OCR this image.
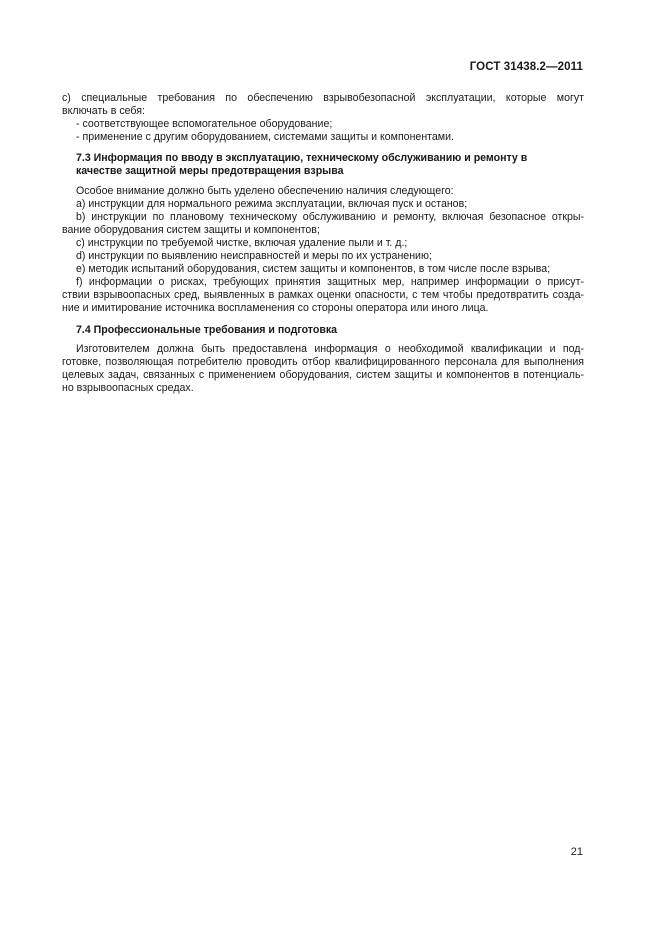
ГОСТ 31438.2—2011
c) специальные требования по обеспечению взрывобезопасной эксплуатации, которые могут
включать в себя:
- соответствующее вспомогательное оборудование;
- применение с другим оборудованием, системами защиты и компонентами.
7.3 Информация по вводу в эксплуатацию, техническому обслуживанию и ремонту в
качестве защитной меры предотвращения взрыва
Особое внимание должно быть уделено обеспечению наличия следующего:
a) инструкции для нормального режима эксплуатации, включая пуск и останов;
b) инструкции по плановому техническому обслуживанию и ремонту, включая безопасное откры-
вание оборудования систем защиты и компонентов;
c) инструкции по требуемой чистке, включая удаление пыли и т. д.;
d) инструкции по выявлению неисправностей и меры по их устранению;
e) методик испытаний оборудования, систем защиты и компонентов, в том числе после взрыва;
f) информации о рисках, требующих принятия защитных мер, например информации о присут-
ствии взрывоопасных сред, выявленных в рамках оценки опасности, с тем чтобы предотвратить созда-
ние и имитирование источника воспламенения со стороны оператора или иного лица.
7.4 Профессиональные требования и подготовка
Изготовителем должна быть предоставлена информация о необходимой квалификации и под-
готовке, позволяющая потребителю проводить отбор квалифицированного персонала для выполнения
целевых задач, связанных с применением оборудования, систем защиты и компонентов в потенциаль-
но взрывоопасных средах.
21
